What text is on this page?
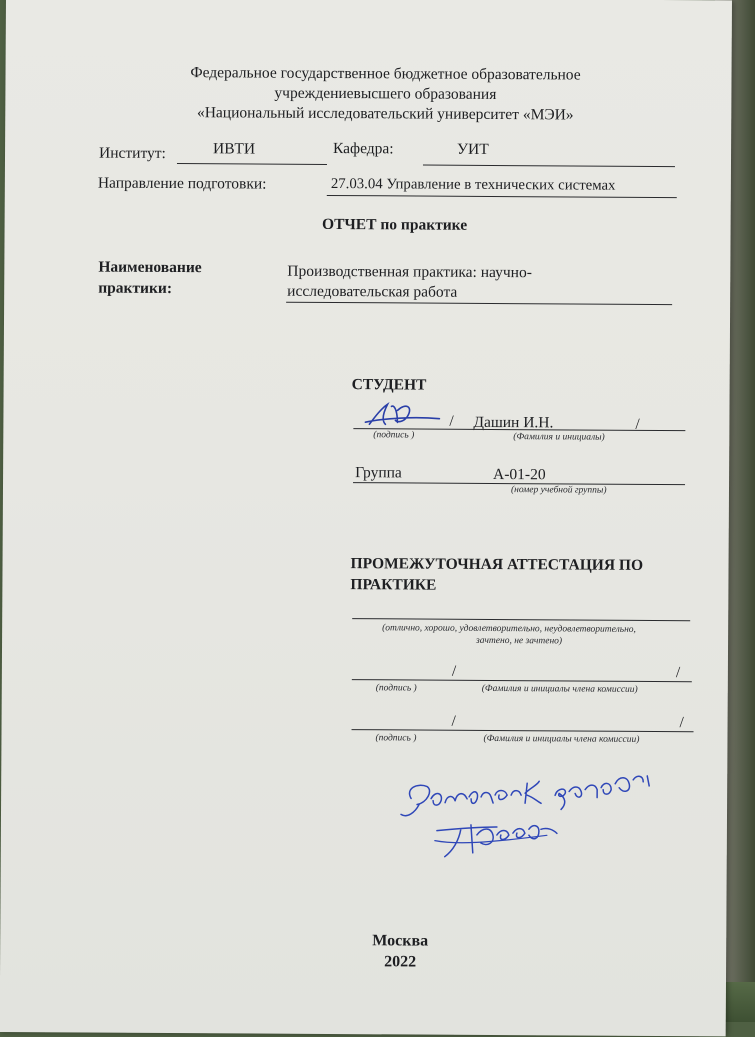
Федеральное государственное бюджетное образовательное
учреждениевысшего образования
«Национальный исследовательский университет «МЭИ»
Институт:	ИВТИ	Кафедра:	УИТ
Направление подготовки:	27.03.04 Управление в технических системах
ОТЧЕТ по практике
Наименование
практики:
Производственная практика: научно-
исследовательская работа
СТУДЕНТ
/ Дашин И.Н.	/
(подпись )	(Фамилия и инициалы)
Группа	А-01-20
(номер учебной группы)
ПРОМЕЖУТОЧНАЯ АТТЕСТАЦИЯ ПО
ПРАКТИКЕ
(отлично, хорошо, удовлетворительно, неудовлетворительно,
зачтено, не зачтено)
/	/
(подпись )	(Фамилия и инициалы члена комиссии)
/	/
(подпись )	(Фамилия и инициалы члена комиссии)
Москва
2022
